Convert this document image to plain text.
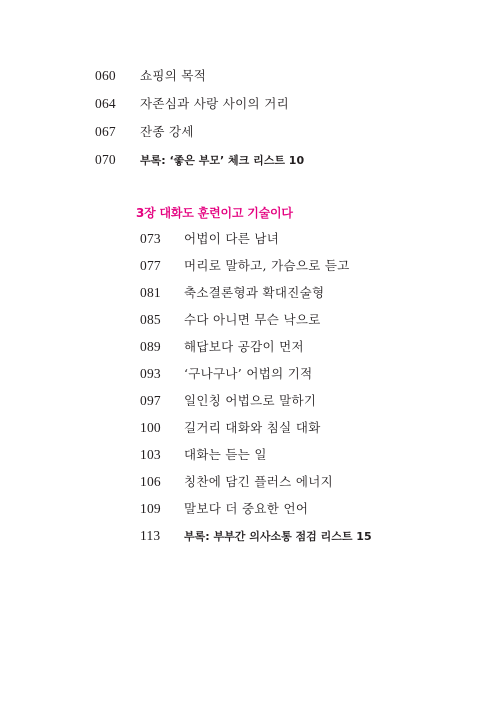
060 쇼핑의 목적
064 자존심과 사랑 사이의 거리
067 잔종 강세
070 부록: ‘좋은 부모’ 체크 리스트 10
3장 대화도 훈련이고 기술이다
073 어법이 다른 남녀
077 머리로 말하고, 가슴으로 듣고
081 축소결론형과 확대진술형
085 수다 아니면 무슨 낙으로
089 해답보다 공감이 먼저
093 ‘구나구나’ 어법의 기적
097 일인칭 어법으로 말하기
100 길거리 대화와 침실 대화
103 대화는 듣는 일
106 칭찬에 담긴 플러스 에너지
109 말보다 더 중요한 언어
113 부록: 부부간 의사소통 점검 리스트 15
